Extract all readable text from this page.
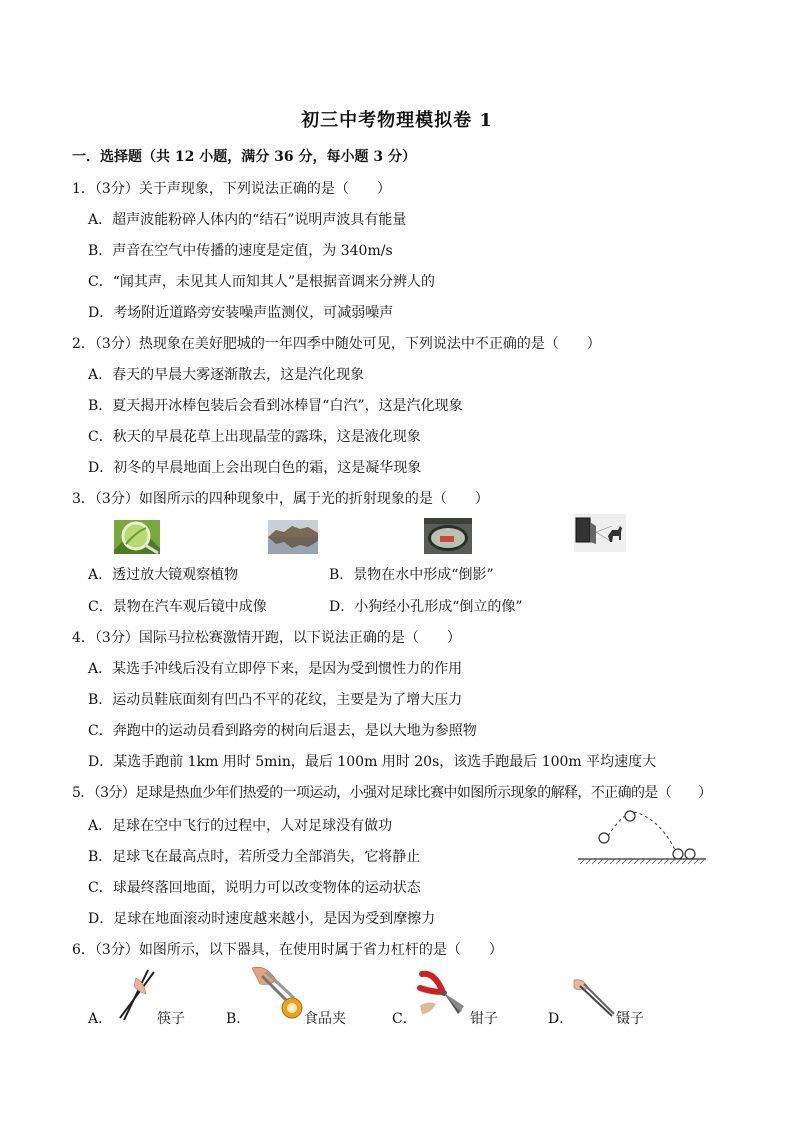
初三中考物理模拟卷 1
一．选择题（共 12 小题，满分 36 分，每小题 3 分）
1．（3分）关于声现象，下列说法正确的是（　　）
A．超声波能粉碎人体内的“结石”说明声波具有能量
B．声音在空气中传播的速度是定值，为 340m/s
C．“闻其声，未见其人而知其人”是根据音调来分辨人的
D．考场附近道路旁安装噪声监测仪，可减弱噪声
2．（3分）热现象在美好肥城的一年四季中随处可见，下列说法中不正确的是（　　）
A．春天的早晨大雾逐渐散去，这是汽化现象
B．夏天揭开冰棒包装后会看到冰棒冒“白汽”，这是汽化现象
C．秋天的早晨花草上出现晶莹的露珠，这是液化现象
D．初冬的早晨地面上会出现白色的霜，这是凝华现象
3．（3分）如图所示的四种现象中，属于光的折射现象的是（　　）
A．透过放大镜观察植物	B．景物在水中形成“倒影”
C．景物在汽车观后镜中成像	D．小狗经小孔形成“倒立的像”
4．（3分）国际马拉松赛激情开跑，以下说法正确的是（　　）
A．某选手冲线后没有立即停下来，是因为受到惯性力的作用
B．运动员鞋底面刻有凹凸不平的花纹，主要是为了增大压力
C．奔跑中的运动员看到路旁的树向后退去，是以大地为参照物
D．某选手跑前 1km 用时 5min，最后 100m 用时 20s，该选手跑最后 100m 平均速度大
5．（3分）足球是热血少年们热爱的一项运动，小强对足球比赛中如图所示现象的解释，不正确的是（　　）
A．足球在空中飞行的过程中，人对足球没有做功
B．足球飞在最高点时，若所受力全部消失，它将静止
C．球最终落回地面，说明力可以改变物体的运动状态
D．足球在地面滚动时速度越来越小，是因为受到摩擦力
6．（3分）如图所示，以下器具，在使用时属于省力杠杆的是（　　）
A．	筷子	B．	食品夹	C．	钳子	D．	镊子
